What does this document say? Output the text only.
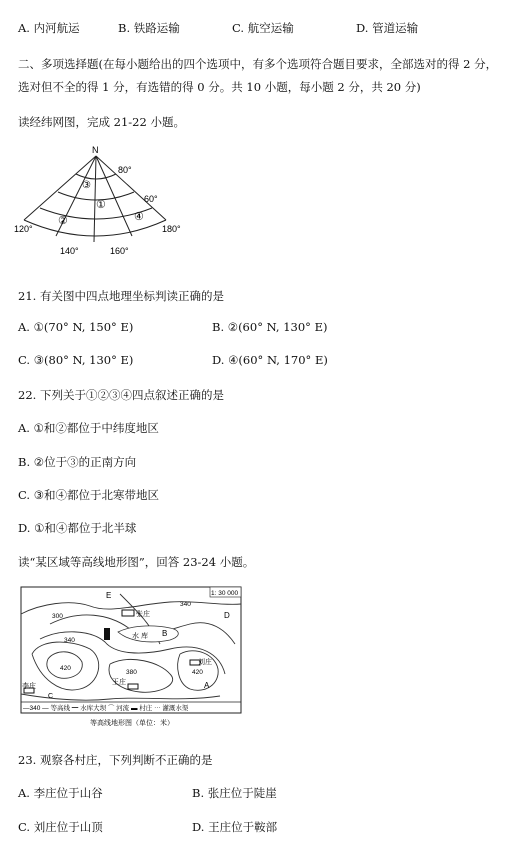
A. 内河航运	B. 铁路运输	C. 航空运输	D. 管道运输
二、多项选择题(在每小题给出的四个选项中，有多个选项符合题目要求，全部选对的得 2 分，
选对但不全的得 1 分，有选错的得 0 分。共 10 小题，每小题 2 分，共 20 分)
读经纬网图，完成 21-22 小题。
N
80°
60°
120°
140°	160°
180°
①
②
③
④
21. 有关图中四点地理坐标判读正确的是
A. ①(70° N, 150° E)	B. ②(60° N, 130° E)
C. ③(80° N, 130° E)	D. ④(60° N, 170° E)
22. 下列关于①②③④四点叙述正确的是
A. ①和②都位于中纬度地区
B. ②位于③的正南方向
C. ③和④都位于北寒带地区
D. ①和④都位于北半球
读“某区域等高线地形图”，回答 23-24 小题。
1: 30 000
E
张庄	D
水 库 B
300
340
340
420
380
王庄
刘庄
420
A
李庄
C
—340 — 等高线 ━ 水库大坝 ⌒ 河流 ▬ 村庄 ⋯ 灌溉水渠
等高线地形图（单位：米）
23. 观察各村庄，下列判断不正确的是
A. 李庄位于山谷	B. 张庄位于陡崖
C. 刘庄位于山顶	D. 王庄位于鞍部
